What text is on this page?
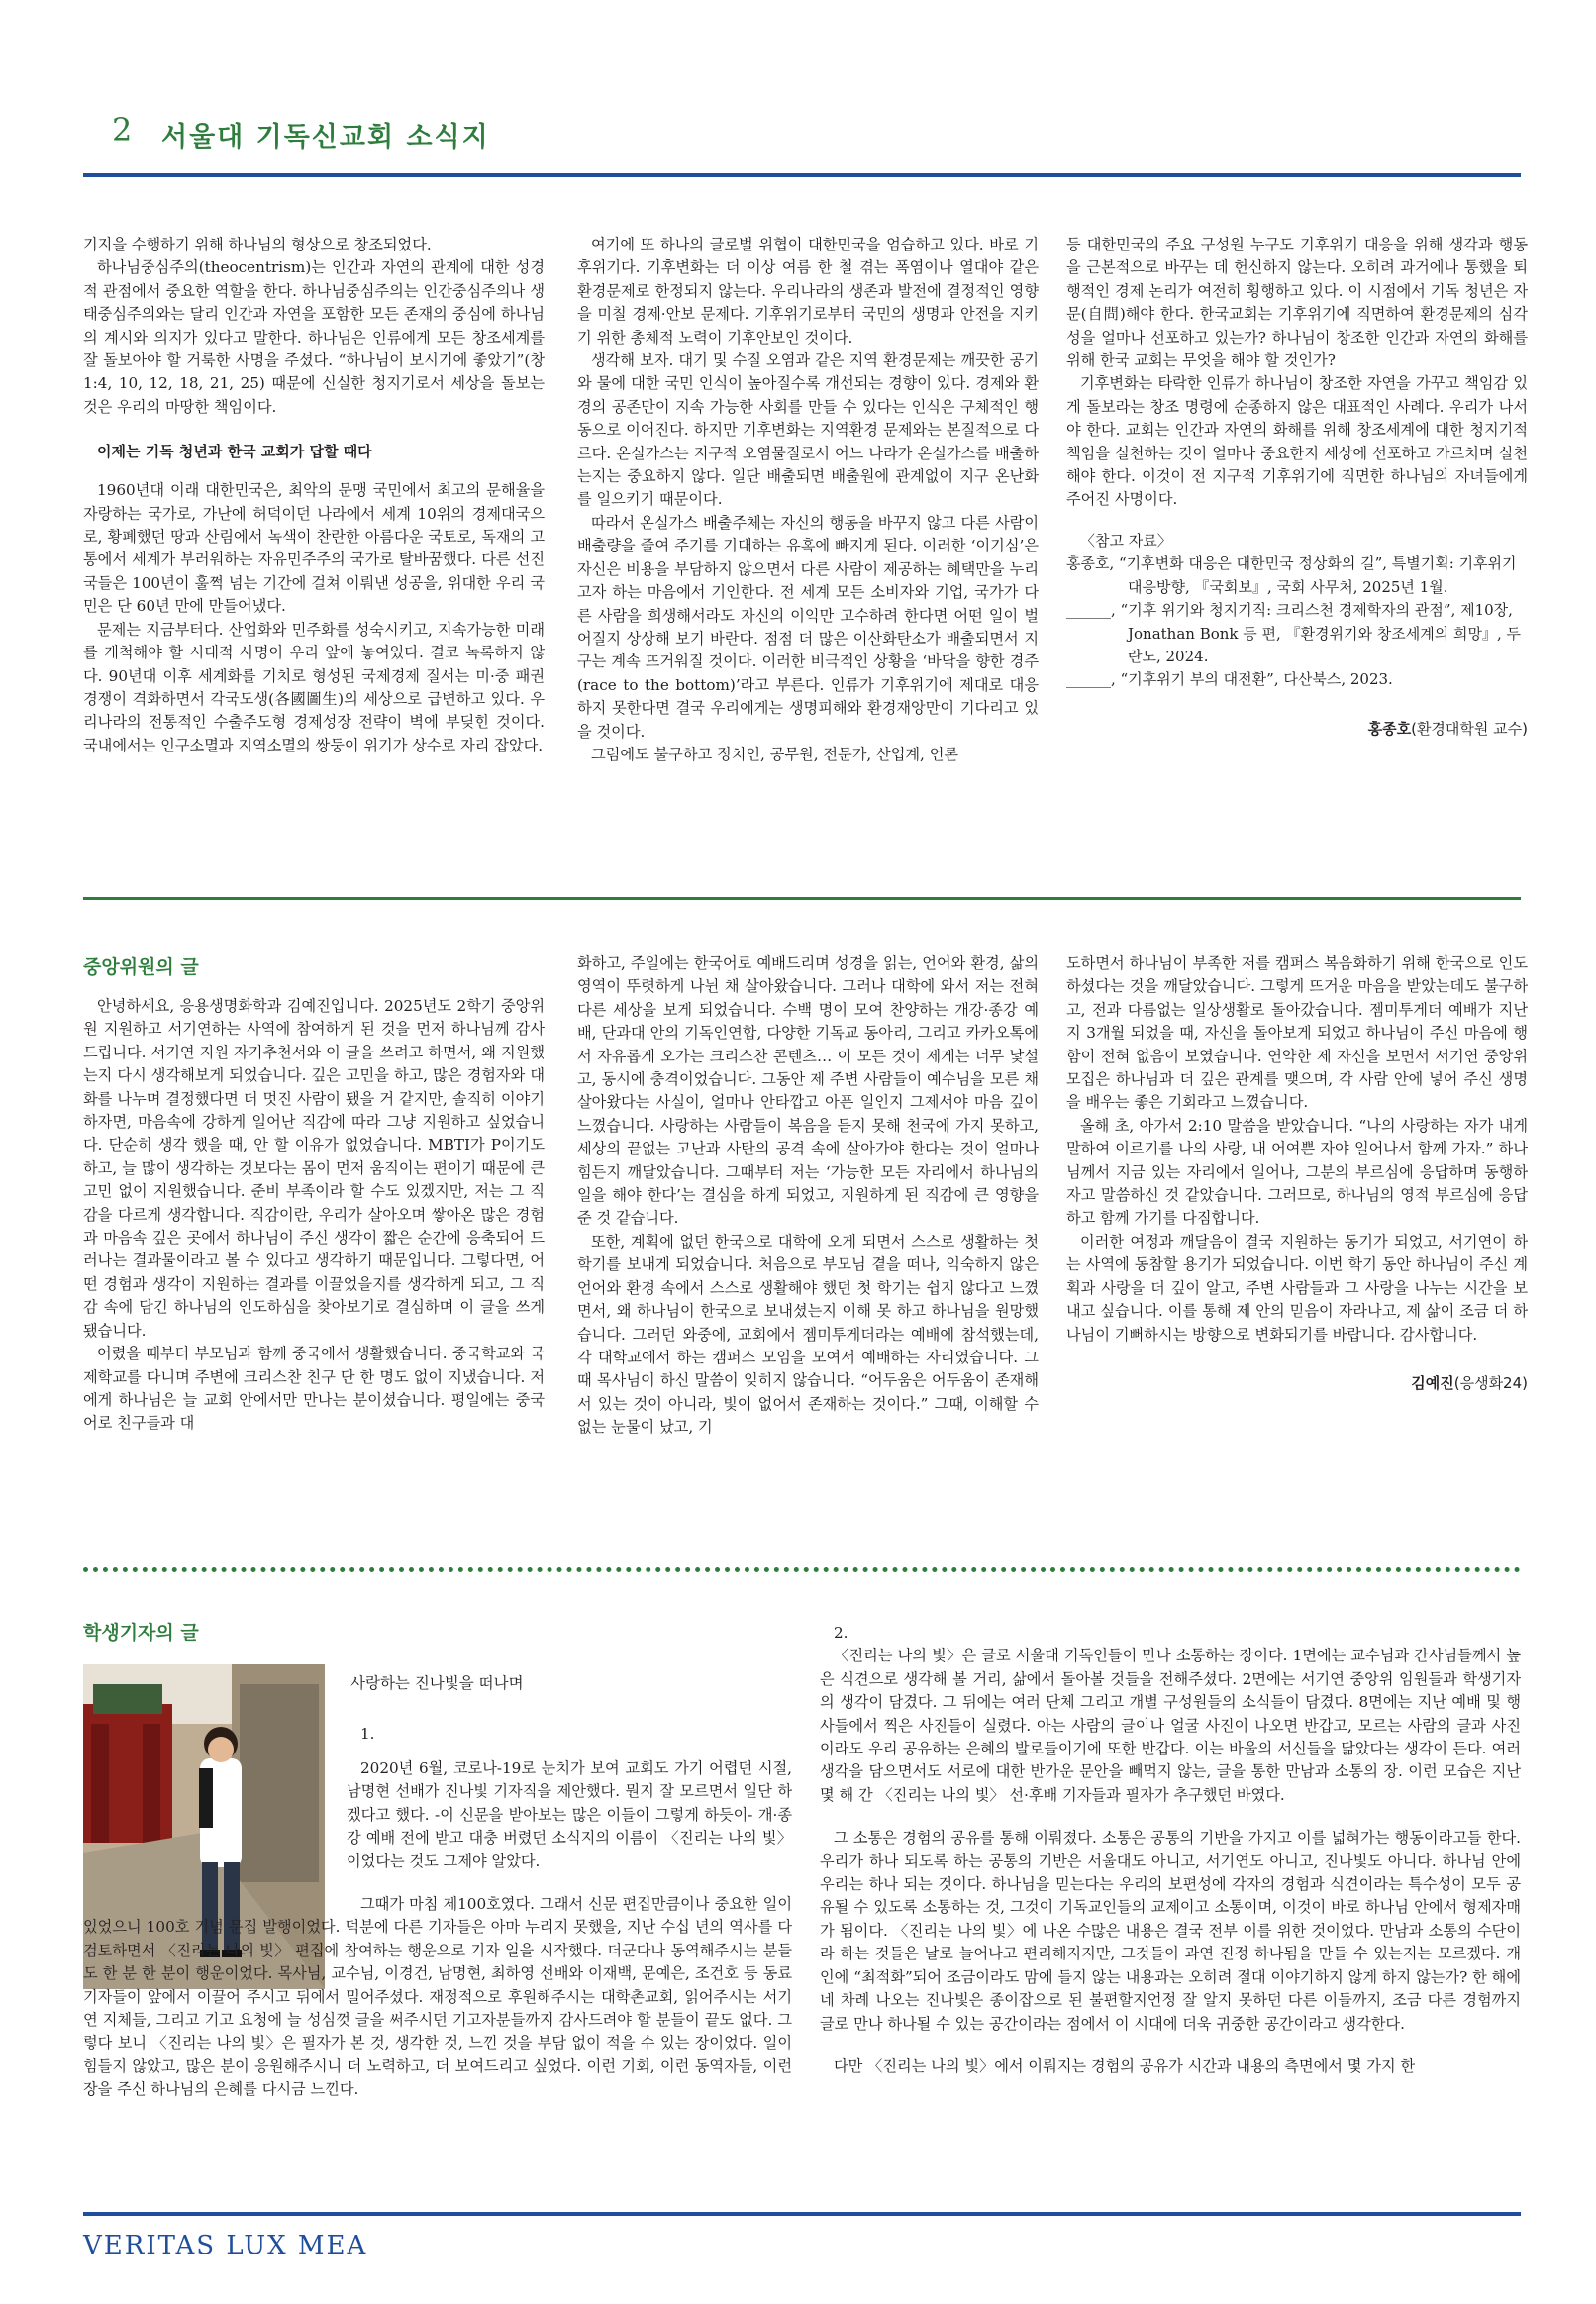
2 서울대 기독신교회 소식지

기지을 수행하기 위해 하나님의 형상으로 창조되었다.

하나님중심주의(theocentrism)는 인간과 자연의 관계에 대한 성경적 관점에서 중요한 역할을 한다. 하나님중심주의는 인간중심주의나 생태중심주의와는 달리 인간과 자연을 포함한 모든 존재의 중심에 하나님의 계시와 의지가 있다고 말한다. 하나님은 인류에게 모든 창조세계를 잘 돌보아야 할 거룩한 사명을 주셨다. “하나님이 보시기에 좋았기”(창 1:4, 10, 12, 18, 21, 25) 때문에 신실한 청지기로서 세상을 돌보는 것은 우리의 마땅한 책임이다.

이제는 기독 청년과 한국 교회가 답할 때다

1960년대 이래 대한민국은, 최악의 문맹 국민에서 최고의 문해율을 자랑하는 국가로, 가난에 허덕이던 나라에서 세계 10위의 경제대국으로, 황폐했던 땅과 산림에서 녹색이 찬란한 아름다운 국토로, 독재의 고통에서 세계가 부러워하는 자유민주주의 국가로 탈바꿈했다. 다른 선진국들은 100년이 훌쩍 넘는 기간에 걸쳐 이뤄낸 성공을, 위대한 우리 국민은 단 60년 만에 만들어냈다.

문제는 지금부터다. 산업화와 민주화를 성숙시키고, 지속가능한 미래를 개척해야 할 시대적 사명이 우리 앞에 놓여있다. 결코 녹록하지 않다. 90년대 이후 세계화를 기치로 형성된 국제경제 질서는 미·중 패권경쟁이 격화하면서 각국도생(各國圖生)의 세상으로 급변하고 있다. 우리나라의 전통적인 수출주도형 경제성장 전략이 벽에 부딪힌 것이다. 국내에서는 인구소멸과 지역소멸의 쌍둥이 위기가 상수로 자리 잡았다.

여기에 또 하나의 글로벌 위협이 대한민국을 엄습하고 있다. 바로 기후위기다. 기후변화는 더 이상 여름 한 철 겪는 폭염이나 열대야 같은 환경문제로 한정되지 않는다. 우리나라의 생존과 발전에 결정적인 영향을 미칠 경제·안보 문제다. 기후위기로부터 국민의 생명과 안전을 지키기 위한 총체적 노력이 기후안보인 것이다.

생각해 보자. 대기 및 수질 오염과 같은 지역 환경문제는 깨끗한 공기와 물에 대한 국민 인식이 높아질수록 개선되는 경향이 있다. 경제와 환경의 공존만이 지속 가능한 사회를 만들 수 있다는 인식은 구체적인 행동으로 이어진다. 하지만 기후변화는 지역환경 문제와는 본질적으로 다르다. 온실가스는 지구적 오염물질로서 어느 나라가 온실가스를 배출하는지는 중요하지 않다. 일단 배출되면 배출원에 관계없이 지구 온난화를 일으키기 때문이다.

따라서 온실가스 배출주체는 자신의 행동을 바꾸지 않고 다른 사람이 배출량을 줄여 주기를 기대하는 유혹에 빠지게 된다. 이러한 ‘이기심’은 자신은 비용을 부담하지 않으면서 다른 사람이 제공하는 혜택만을 누리고자 하는 마음에서 기인한다. 전 세계 모든 소비자와 기업, 국가가 다른 사람을 희생해서라도 자신의 이익만 고수하려 한다면 어떤 일이 벌어질지 상상해 보기 바란다. 점점 더 많은 이산화탄소가 배출되면서 지구는 계속 뜨거워질 것이다. 이러한 비극적인 상황을 ‘바닥을 향한 경주(race to the bottom)’라고 부른다. 인류가 기후위기에 제대로 대응하지 못한다면 결국 우리에게는 생명피해와 환경재앙만이 기다리고 있을 것이다.

그럼에도 불구하고 정치인, 공무원, 전문가, 산업계, 언론

등 대한민국의 주요 구성원 누구도 기후위기 대응을 위해 생각과 행동을 근본적으로 바꾸는 데 헌신하지 않는다. 오히려 과거에나 통했을 퇴행적인 경제 논리가 여전히 횡행하고 있다. 이 시점에서 기독 청년은 자문(自問)해야 한다. 한국교회는 기후위기에 직면하여 환경문제의 심각성을 얼마나 선포하고 있는가? 하나님이 창조한 인간과 자연의 화해를 위해 한국 교회는 무엇을 해야 할 것인가?

기후변화는 타락한 인류가 하나님이 창조한 자연을 가꾸고 책임감 있게 돌보라는 창조 명령에 순종하지 않은 대표적인 사례다. 우리가 나서야 한다. 교회는 인간과 자연의 화해를 위해 창조세계에 대한 청지기적 책임을 실천하는 것이 얼마나 중요한지 세상에 선포하고 가르치며 실천해야 한다. 이것이 전 지구적 기후위기에 직면한 하나님의 자녀들에게 주어진 사명이다.

〈참고 자료〉

홍종호, “기후변화 대응은 대한민국 정상화의 길”, 특별기획: 기후위기 대응방향, 『국회보』, 국회 사무처, 2025년 1월.

______, “기후 위기와 청지기직: 크리스천 경제학자의 관점”, 제10장, Jonathan Bonk 등 편, 『환경위기와 창조세계의 희망』, 두란노, 2024.

______, “기후위기 부의 대전환”, 다산북스, 2023.

홍종호(환경대학원 교수)

중앙위원의 글

안녕하세요, 응용생명화학과 김예진입니다. 2025년도 2학기 중앙위원 지원하고 서기연하는 사역에 참여하게 된 것을 먼저 하나님께 감사드립니다. 서기연 지원 자기추천서와 이 글을 쓰려고 하면서, 왜 지원했는지 다시 생각해보게 되었습니다. 깊은 고민을 하고, 많은 경험자와 대화를 나누며 결정했다면 더 멋진 사람이 됐을 거 같지만, 솔직히 이야기 하자면, 마음속에 강하게 일어난 직감에 따라 그냥 지원하고 싶었습니다. 단순히 생각 했을 때, 안 할 이유가 없었습니다. MBTI가 P이기도 하고, 늘 많이 생각하는 것보다는 몸이 먼저 움직이는 편이기 때문에 큰 고민 없이 지원했습니다. 준비 부족이라 할 수도 있겠지만, 저는 그 직감을 다르게 생각합니다. 직감이란, 우리가 살아오며 쌓아온 많은 경험과 마음속 깊은 곳에서 하나님이 주신 생각이 짧은 순간에 응축되어 드러나는 결과물이라고 볼 수 있다고 생각하기 때문입니다. 그렇다면, 어떤 경험과 생각이 지원하는 결과를 이끌었을지를 생각하게 되고, 그 직감 속에 담긴 하나님의 인도하심을 찾아보기로 결심하며 이 글을 쓰게 됐습니다.

어렸을 때부터 부모님과 함께 중국에서 생활했습니다. 중국학교와 국제학교를 다니며 주변에 크리스찬 친구 단 한 명도 없이 지냈습니다. 저에게 하나님은 늘 교회 안에서만 만나는 분이셨습니다. 평일에는 중국어로 친구들과 대

화하고, 주일에는 한국어로 예배드리며 성경을 읽는, 언어와 환경, 삶의 영역이 뚜렷하게 나뉜 채 살아왔습니다. 그러나 대학에 와서 저는 전혀 다른 세상을 보게 되었습니다. 수백 명이 모여 찬양하는 개강·종강 예배, 단과대 안의 기독인연합, 다양한 기독교 동아리, 그리고 카카오톡에서 자유롭게 오가는 크리스찬 콘텐츠… 이 모든 것이 제게는 너무 낯설고, 동시에 충격이었습니다. 그동안 제 주변 사람들이 예수님을 모른 채 살아왔다는 사실이, 얼마나 안타깝고 아픈 일인지 그제서야 마음 깊이 느꼈습니다. 사랑하는 사람들이 복음을 듣지 못해 천국에 가지 못하고, 세상의 끝없는 고난과 사탄의 공격 속에 살아가야 한다는 것이 얼마나 힘든지 깨달았습니다. 그때부터 저는 ‘가능한 모든 자리에서 하나님의 일을 해야 한다’는 결심을 하게 되었고, 지원하게 된 직감에 큰 영향을 준 것 같습니다.

또한, 계획에 없던 한국으로 대학에 오게 되면서 스스로 생활하는 첫 학기를 보내게 되었습니다. 처음으로 부모님 곁을 떠나, 익숙하지 않은 언어와 환경 속에서 스스로 생활해야 했던 첫 학기는 쉽지 않다고 느꼈면서, 왜 하나님이 한국으로 보내셨는지 이해 못 하고 하나님을 원망했습니다. 그러던 와중에, 교회에서 젬미투게더라는 예배에 참석했는데, 각 대학교에서 하는 캠퍼스 모임을 모여서 예배하는 자리였습니다. 그때 목사님이 하신 말씀이 잊히지 않습니다. “어두움은 어두움이 존재해서 있는 것이 아니라, 빛이 없어서 존재하는 것이다.” 그때, 이해할 수 없는 눈물이 났고, 기

도하면서 하나님이 부족한 저를 캠퍼스 복음화하기 위해 한국으로 인도하셨다는 것을 깨달았습니다. 그렇게 뜨거운 마음을 받았는데도 불구하고, 전과 다름없는 일상생활로 돌아갔습니다. 젬미투게더 예배가 지난 지 3개월 되었을 때, 자신을 돌아보게 되었고 하나님이 주신 마음에 행함이 전혀 없음이 보였습니다. 연약한 제 자신을 보면서 서기연 중앙위 모집은 하나님과 더 깊은 관계를 맺으며, 각 사람 안에 넣어 주신 생명을 배우는 좋은 기회라고 느꼈습니다.

올해 초, 아가서 2:10 말씀을 받았습니다. “나의 사랑하는 자가 내게 말하여 이르기를 나의 사랑, 내 어여쁜 자야 일어나서 함께 가자.” 하나님께서 지금 있는 자리에서 일어나, 그분의 부르심에 응답하며 동행하자고 말씀하신 것 같았습니다. 그러므로, 하나님의 영적 부르심에 응답하고 함께 가기를 다짐합니다.

이러한 여정과 깨달음이 결국 지원하는 동기가 되었고, 서기연이 하는 사역에 동참할 용기가 되었습니다. 이번 학기 동안 하나님이 주신 계획과 사랑을 더 깊이 알고, 주변 사람들과 그 사랑을 나누는 시간을 보내고 싶습니다. 이를 통해 제 안의 믿음이 자라나고, 제 삶이 조금 더 하나님이 기뻐하시는 방향으로 변화되기를 바랍니다. 감사합니다.

김예진(응생화24)

학생기자의 글

사랑하는 진나빛을 떠나며

1.

2020년 6월, 코로나-19로 눈치가 보여 교회도 가기 어렵던 시절, 남명현 선배가 진나빛 기자직을 제안했다. 뭔지 잘 모르면서 일단 하겠다고 했다. -이 신문을 받아보는 많은 이들이 그렇게 하듯이- 개·종강 예배 전에 받고 대충 버렸던 소식지의 이름이 〈진리는 나의 빛〉이었다는 것도 그제야 알았다.

그때가 마침 제100호였다. 그래서 신문 편집만큼이나 중요한 일이 있었으니 100호 기념 문집 발행이었다. 덕분에 다른 기자들은 아마 누리지 못했을, 지난 수십 년의 역사를 다 검토하면서 〈진리는 나의 빛〉 편집에 참여하는 행운으로 기자 일을 시작했다. 더군다나 동역해주시는 분들도 한 분 한 분이 행운이었다. 목사님, 교수님, 이경건, 남명현, 최하영 선배와 이재백, 문예은, 조건호 등 동료 기자들이 앞에서 이끌어 주시고 뒤에서 밀어주셨다. 재정적으로 후원해주시는 대학촌교회, 읽어주시는 서기연 지체들, 그리고 기고 요청에 늘 성심껏 글을 써주시던 기고자분들까지 감사드려야 할 분들이 끝도 없다. 그렇다 보니 〈진리는 나의 빛〉은 필자가 본 것, 생각한 것, 느낀 것을 부담 없이 적을 수 있는 장이었다. 일이 힘들지 않았고, 많은 분이 응원해주시니 더 노력하고, 더 보여드리고 싶었다. 이런 기회, 이런 동역자들, 이런 장을 주신 하나님의 은혜를 다시금 느낀다.

2.

〈진리는 나의 빛〉은 글로 서울대 기독인들이 만나 소통하는 장이다. 1면에는 교수님과 간사님들께서 높은 식견으로 생각해 볼 거리, 삶에서 돌아볼 것들을 전해주셨다. 2면에는 서기연 중앙위 임원들과 학생기자의 생각이 담겼다. 그 뒤에는 여러 단체 그리고 개별 구성원들의 소식들이 담겼다. 8면에는 지난 예배 및 행사들에서 찍은 사진들이 실렸다. 아는 사람의 글이나 얼굴 사진이 나오면 반갑고, 모르는 사람의 글과 사진이라도 우리 공유하는 은혜의 발로들이기에 또한 반갑다. 이는 바울의 서신들을 닮았다는 생각이 든다. 여러 생각을 담으면서도 서로에 대한 반가운 문안을 빼먹지 않는, 글을 통한 만남과 소통의 장. 이런 모습은 지난 몇 해 간 〈진리는 나의 빛〉 선·후배 기자들과 필자가 추구했던 바였다.

그 소통은 경험의 공유를 통해 이뤄졌다. 소통은 공통의 기반을 가지고 이를 넓혀가는 행동이라고들 한다. 우리가 하나 되도록 하는 공통의 기반은 서울대도 아니고, 서기연도 아니고, 진나빛도 아니다. 하나님 안에 우리는 하나 되는 것이다. 하나님을 믿는다는 우리의 보편성에 각자의 경험과 식견이라는 특수성이 모두 공유될 수 있도록 소통하는 것, 그것이 기독교인들의 교제이고 소통이며, 이것이 바로 하나님 안에서 형제자매가 됨이다. 〈진리는 나의 빛〉에 나온 수많은 내용은 결국 전부 이를 위한 것이었다. 만남과 소통의 수단이라 하는 것들은 날로 늘어나고 편리해지지만, 그것들이 과연 진정 하나됨을 만들 수 있는지는 모르겠다. 개인에 “최적화”되어 조금이라도 맘에 들지 않는 내용과는 오히려 절대 이야기하지 않게 하지 않는가? 한 해에 네 차례 나오는 진나빛은 종이잡으로 된 불편할지언정 잘 알지 못하던 다른 이들까지, 조금 다른 경험까지 글로 만나 하나될 수 있는 공간이라는 점에서 이 시대에 더욱 귀중한 공간이라고 생각한다.

다만 〈진리는 나의 빛〉에서 이뤄지는 경험의 공유가 시간과 내용의 측면에서 몇 가지 한

VERITAS LUX MEA
